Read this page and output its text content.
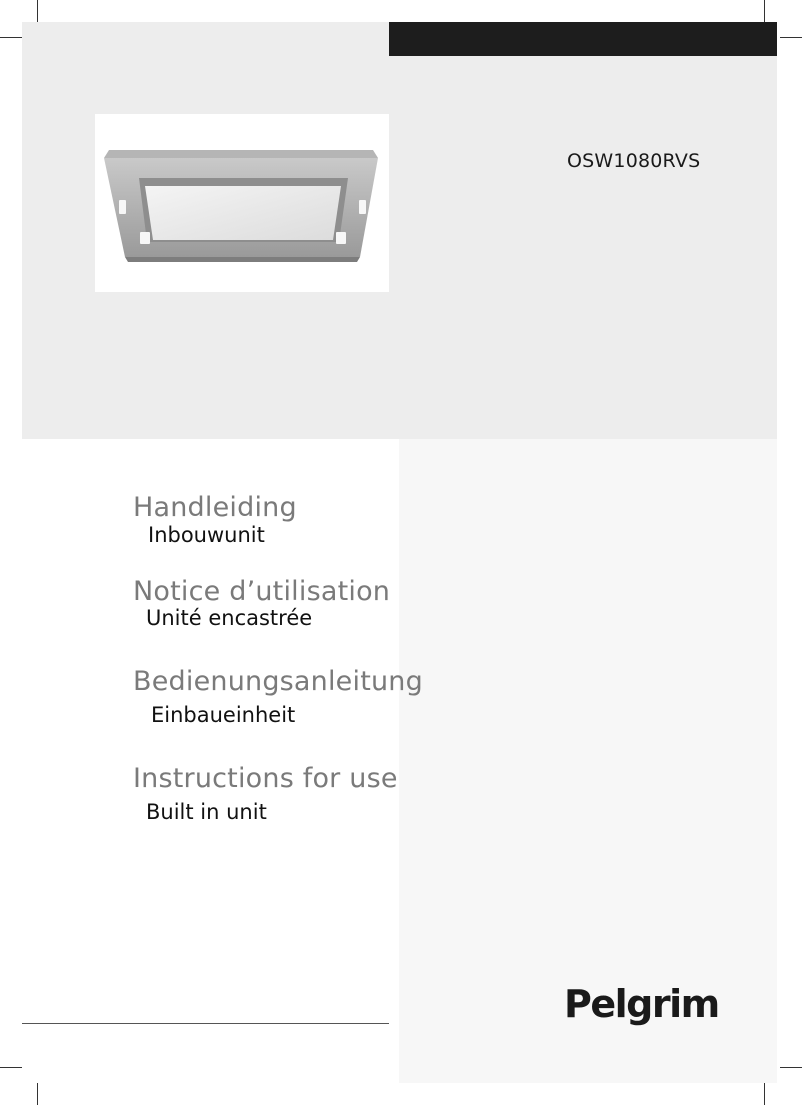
OSW1080RVS
Handleiding
Inbouwunit
Notice d’utilisation
Unité encastrée
Bedienungsanleitung
Einbaueinheit
Instructions for use
Built in unit
Pelgrim
